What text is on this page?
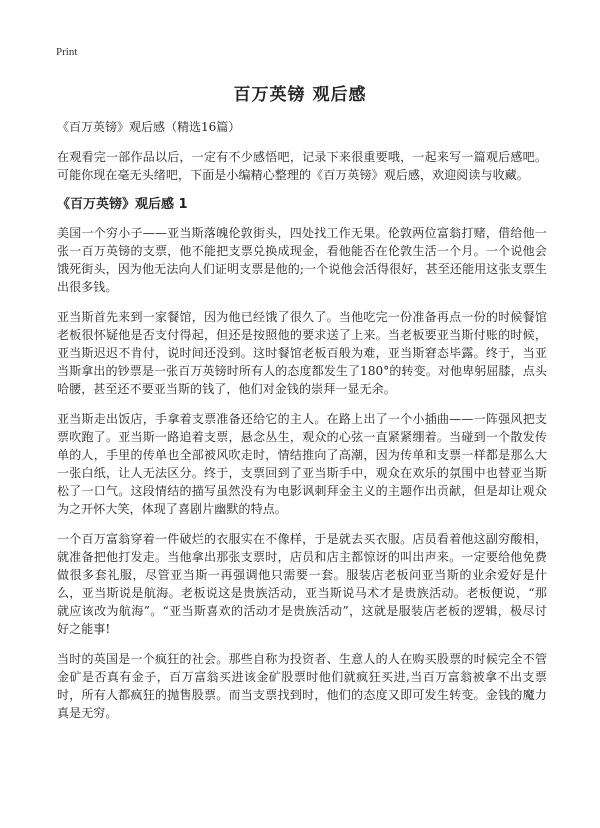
Print
百万英镑 观后感

《百万英镑》观后感（精选16篇）

在观看完一部作品以后，一定有不少感悟吧，记录下来很重要哦，一起来写一篇观后感吧。可能你现在毫无头绪吧，下面是小编精心整理的《百万英镑》观后感，欢迎阅读与收藏。

《百万英镑》观后感 1

美国一个穷小子——亚当斯落魄伦敦街头，四处找工作无果。伦敦两位富翁打赌，借给他一张一百万英镑的支票，他不能把支票兑换成现金，看他能否在伦敦生活一个月。一个说他会饿死街头，因为他无法向人们证明支票是他的;一个说他会活得很好，甚至还能用这张支票生出很多钱。

亚当斯首先来到一家餐馆，因为他已经饿了很久了。当他吃完一份准备再点一份的时候餐馆老板很怀疑他是否支付得起，但还是按照他的要求送了上来。当老板要亚当斯付账的时候，亚当斯迟迟不肯付，说时间还没到。这时餐馆老板百般为难，亚当斯窘态毕露。终于，当亚当斯拿出的钞票是一张百万英镑时所有人的态度都发生了180°的转变。对他卑躬屈膝，点头哈腰，甚至还不要亚当斯的钱了，他们对金钱的崇拜一显无余。

亚当斯走出饭店，手拿着支票准备还给它的主人。在路上出了一个小插曲——一阵强风把支票吹跑了。亚当斯一路追着支票，悬念丛生，观众的心弦一直紧紧绷着。当碰到一个散发传单的人，手里的传单也全部被风吹走时，情结推向了高潮，因为传单和支票一样都是那么大一张白纸，让人无法区分。终于，支票回到了亚当斯手中，观众在欢乐的氛围中也替亚当斯松了一口气。这段情结的描写虽然没有为电影讽刺拜金主义的主题作出贡献，但是却让观众为之开怀大笑，体现了喜剧片幽默的特点。

一个百万富翁穿着一件破烂的衣服实在不像样，于是就去买衣服。店员看着他这副穷酸相，就准备把他打发走。当他拿出那张支票时，店员和店主都惊讶的叫出声来。一定要给他免费做很多套礼服，尽管亚当斯一再强调他只需要一套。服装店老板问亚当斯的业余爱好是什么，亚当斯说是航海。老板说这是贵族活动，亚当斯说马术才是贵族活动。老板便说，“那就应该改为航海”。“亚当斯喜欢的活动才是贵族活动”，这就是服装店老板的逻辑，极尽讨好之能事!

当时的英国是一个疯狂的社会。那些自称为投资者、生意人的人在购买股票的时候完全不管金矿是否真有金子，百万富翁买进该金矿股票时他们就疯狂买进,当百万富翁被拿不出支票时，所有人都疯狂的抛售股票。而当支票找到时，他们的态度又即可发生转变。金钱的魔力真是无穷。
